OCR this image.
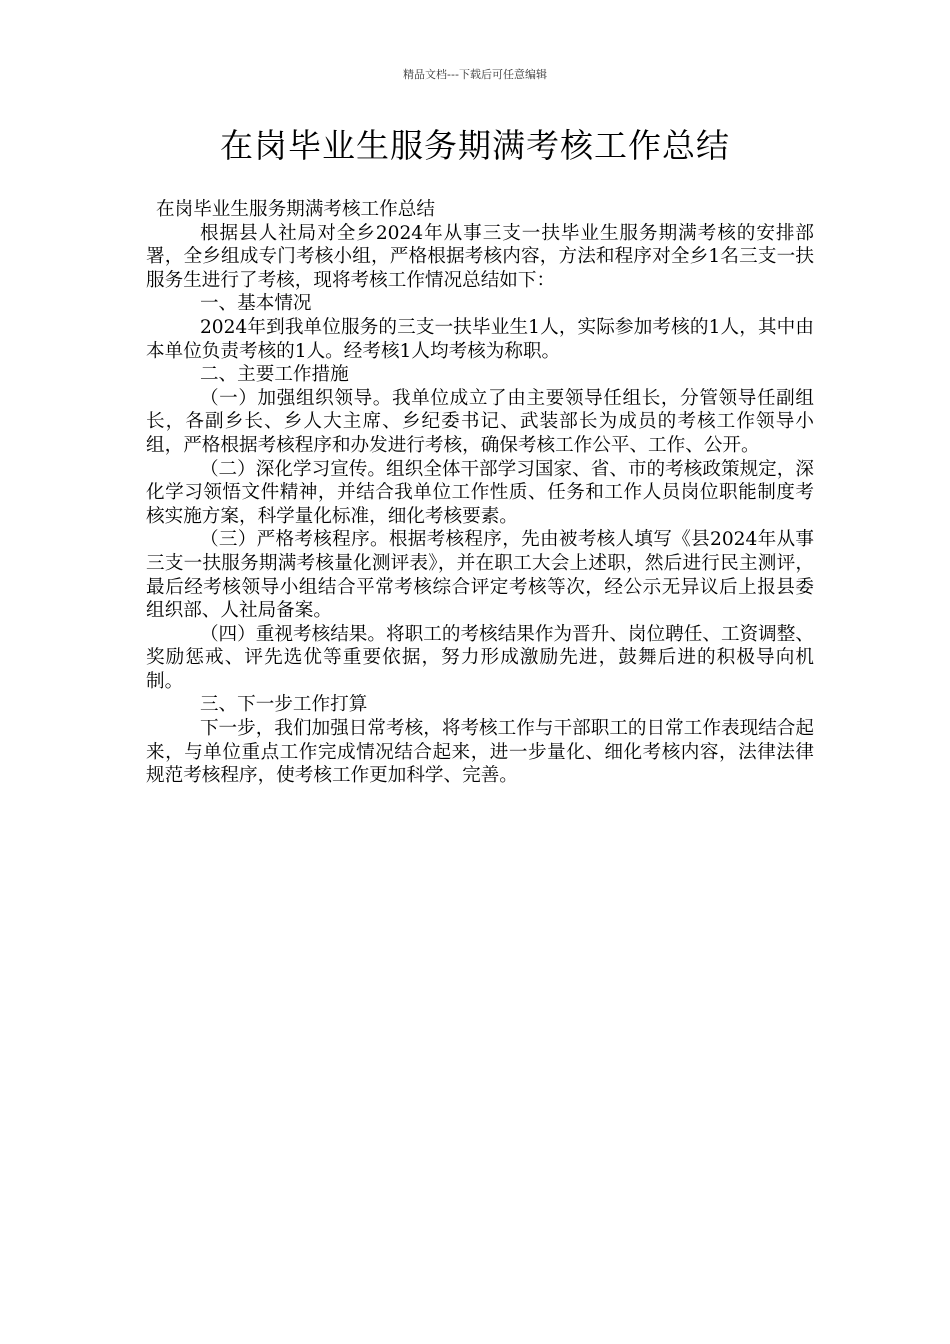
精品文档---下载后可任意编辑
在岗毕业生服务期满考核工作总结

在岗毕业生服务期满考核工作总结

根据县人社局对全乡2024年从事三支一扶毕业生服务期满考核的安排部署，全乡组成专门考核小组，严格根据考核内容，方法和程序对全乡1名三支一扶服务生进行了考核，现将考核工作情况总结如下：

一、基本情况

2024年到我单位服务的三支一扶毕业生1人，实际参加考核的1人，其中由本单位负责考核的1人。经考核1人均考核为称职。

二、主要工作措施

（一）加强组织领导。我单位成立了由主要领导任组长，分管领导任副组长，各副乡长、乡人大主席、乡纪委书记、武装部长为成员的考核工作领导小组，严格根据考核程序和办发进行考核，确保考核工作公平、工作、公开。

（二）深化学习宣传。组织全体干部学习国家、省、市的考核政策规定，深化学习领悟文件精神，并结合我单位工作性质、任务和工作人员岗位职能制度考核实施方案，科学量化标准，细化考核要素。

（三）严格考核程序。根据考核程序，先由被考核人填写《县2024年从事三支一扶服务期满考核量化测评表》，并在职工大会上述职，然后进行民主测评，最后经考核领导小组结合平常考核综合评定考核等次，经公示无异议后上报县委组织部、人社局备案。

（四）重视考核结果。将职工的考核结果作为晋升、岗位聘任、工资调整、奖励惩戒、评先选优等重要依据，努力形成激励先进，鼓舞后进的积极导向机制。

三、下一步工作打算

下一步，我们加强日常考核，将考核工作与干部职工的日常工作表现结合起来，与单位重点工作完成情况结合起来，进一步量化、细化考核内容，法律法律规范考核程序，使考核工作更加科学、完善。
